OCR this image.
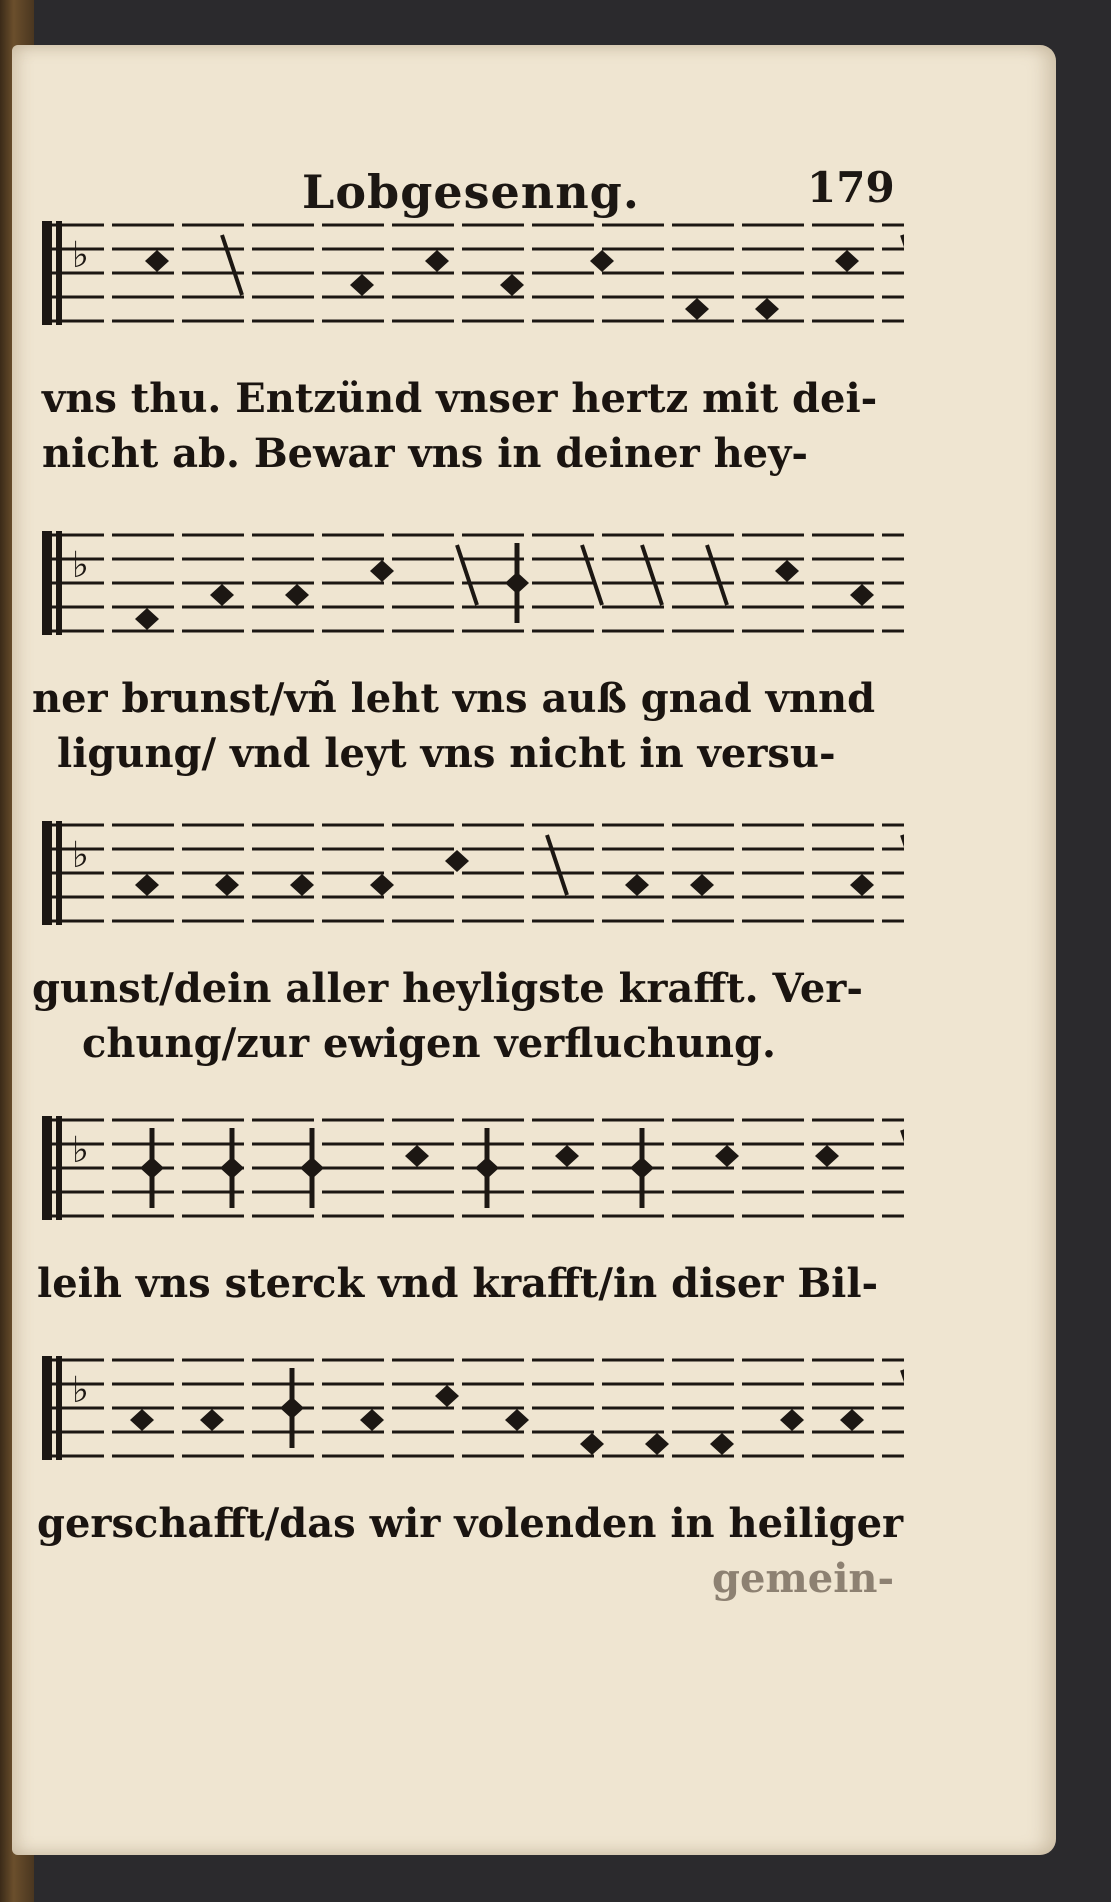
Lobgesenng.	179
♭
vns thu. Entzünd vnser hertz mit dei-
nicht ab. Bewar vns in deiner hey-
♭
ner brunst/vñ leht vns auß gnad vnnd
ligung/ vnd leyt vns nicht in versu-
♭
gunst/dein aller heyligste krafft. Ver-
chung/zur ewigen verfluchung.
♭
leih vns sterck vnd krafft/in diser Bil-
♭
gerschafft/das wir volenden in heiliger
gemein-
